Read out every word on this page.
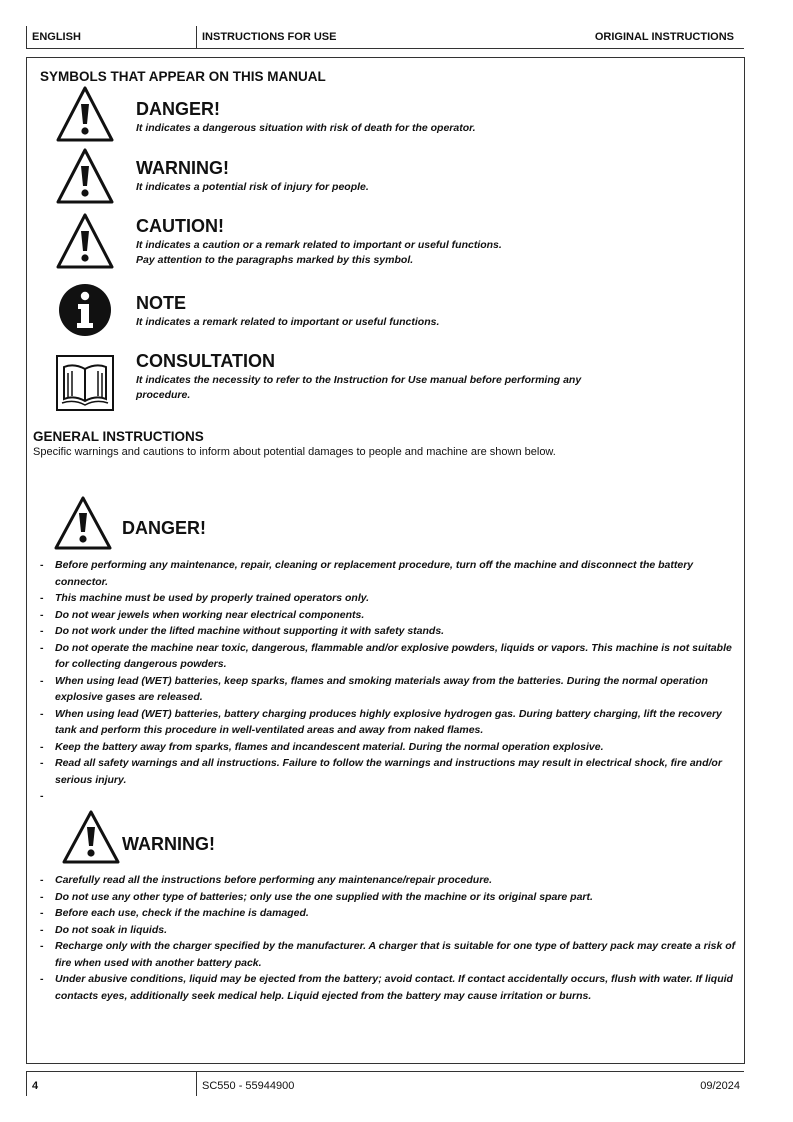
ENGLISH	INSTRUCTIONS FOR USE	ORIGINAL INSTRUCTIONS
SYMBOLS THAT APPEAR ON THIS MANUAL
DANGER!
It indicates a dangerous situation with risk of death for the operator.
WARNING!
It indicates a potential risk of injury for people.
CAUTION!
It indicates a caution or a remark related to important or useful functions.
Pay attention to the paragraphs marked by this symbol.
NOTE
It indicates a remark related to important or useful functions.
CONSULTATION
It indicates the necessity to refer to the Instruction for Use manual before performing any procedure.
GENERAL INSTRUCTIONS
Specific warnings and cautions to inform about potential damages to people and machine are shown below.
DANGER!
- Before performing any maintenance, repair, cleaning or replacement procedure, turn off the machine and disconnect the battery connector.
- This machine must be used by properly trained operators only.
- Do not wear jewels when working near electrical components.
- Do not work under the lifted machine without supporting it with safety stands.
- Do not operate the machine near toxic, dangerous, flammable and/or explosive powders, liquids or vapors. This machine is not suitable for collecting dangerous powders.
- When using lead (WET) batteries, keep sparks, flames and smoking materials away from the batteries. During the normal operation explosive gases are released.
- When using lead (WET) batteries, battery charging produces highly explosive hydrogen gas. During battery charging, lift the recovery tank and perform this procedure in well-ventilated areas and away from naked flames.
- Keep the battery away from sparks, flames and incandescent material. During the normal operation explosive.
- Read all safety warnings and all instructions. Failure to follow the warnings and instructions may result in electrical shock, fire and/or serious injury.
WARNING!
- Carefully read all the instructions before performing any maintenance/repair procedure.
- Do not use any other type of batteries; only use the one supplied with the machine or its original spare part.
- Before each use, check if the machine is damaged.
- Do not soak in liquids.
- Recharge only with the charger specified by the manufacturer. A charger that is suitable for one type of battery pack may create a risk of fire when used with another battery pack.
- Under abusive conditions, liquid may be ejected from the battery; avoid contact. If contact accidentally occurs, flush with water. If liquid contacts eyes, additionally seek medical help. Liquid ejected from the battery may cause irritation or burns.
4	SC550 - 55944900	09/2024
